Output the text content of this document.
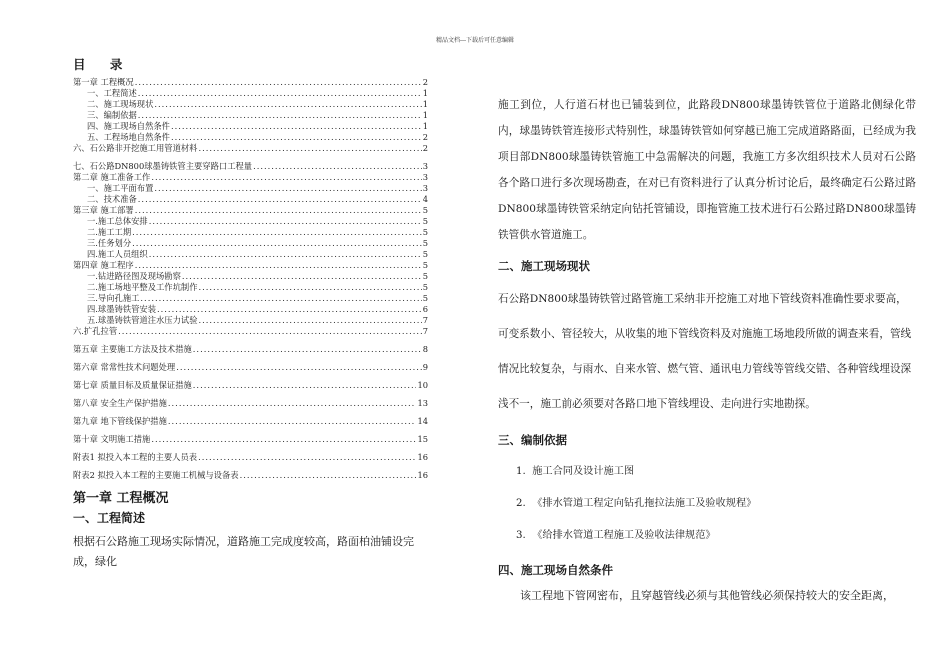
精品文档---下载后可任意编辑
目 录
第一章 工程概况 .....	2
一、工程简述 .....	1
二、施工现场现状 .....	1
三、编制依据 .....	1
四、施工现场自然条件 .....	1
五、工程场地自然条件 .....	2
六、石公路非开挖施工用管道材料 .....	2
七、石公路DN800球墨铸铁管主要穿路口工程量 .....	3
第二章 施工准备工作 .....	3
一、施工平面布置 .....	3
二、技术准备 .....	4
第三章 施工部署 .....	5
一.施工总体安排 .....	5
二.施工工期 .....	5
三.任务划分 .....	5
四.施工人员组织 .....	5
第四章 施工程序 .....	5
一.钻进路径图及现场勘察 .....	5
二.施工场地平整及工作坑制作 .....	5
三.导向孔施工 .....	5
四.球墨铸铁管安装 .....	6
五.球墨铸铁管道注水压力试验 .....	7
六.扩孔拉管 .....	7
第五章 主要施工方法及技术措施 .....	8
第六章 常常性技术问题处理 .....	9
第七章 质量目标及质量保证措施 .....	10
第八章 安全生产保护措施 .....	13
第九章 地下管线保护措施 .....	14
第十章 文明施工措施 .....	15
附表1 拟投入本工程的主要人员表 .....	16
附表2 拟投入本工程的主要施工机械与设备表 .....	16
第一章 工程概况
一、工程简述

根据石公路施工现场实际情况，道路施工完成度较高，路面柏油铺设完成，绿化

施工到位，人行道石材也已铺装到位，此路段DN800球墨铸铁管位于道路北侧绿化带内，球墨铸铁管连接形式特别性，球墨铸铁管如何穿越已施工完成道路路面，已经成为我项目部DN800球墨铸铁管施工中急需解决的问题，我施工方多次组织技术人员对石公路各个路口进行多次现场勘查，在对已有资料进行了认真分析讨论后，最终确定石公路过路DN800球墨铸铁管采纳定向钻托管铺设，即拖管施工技术进行石公路过路DN800球墨铸铁管供水管道施工。

二、施工现场现状

石公路DN800球墨铸铁管过路管施工采纳非开挖施工对地下管线资料准确性要求要高，可变系数小、管径较大，从收集的地下管线资料及对施施工场地段所做的调查来看，管线情况比较复杂，与雨水、自来水管、燃气管、通讯电力管线等管线交错、各种管线埋设深浅不一，施工前必须要对各路口地下管线埋设、走向进行实地勘探。

三、编制依据
1. 施工合同及设计施工图
2. 《排水管道工程定向钻孔拖拉法施工及验收规程》
3. 《给排水管道工程施工及验收法律规范》
四、施工现场自然条件

该工程地下管网密布，且穿越管线必须与其他管线必须保持较大的安全距离，
